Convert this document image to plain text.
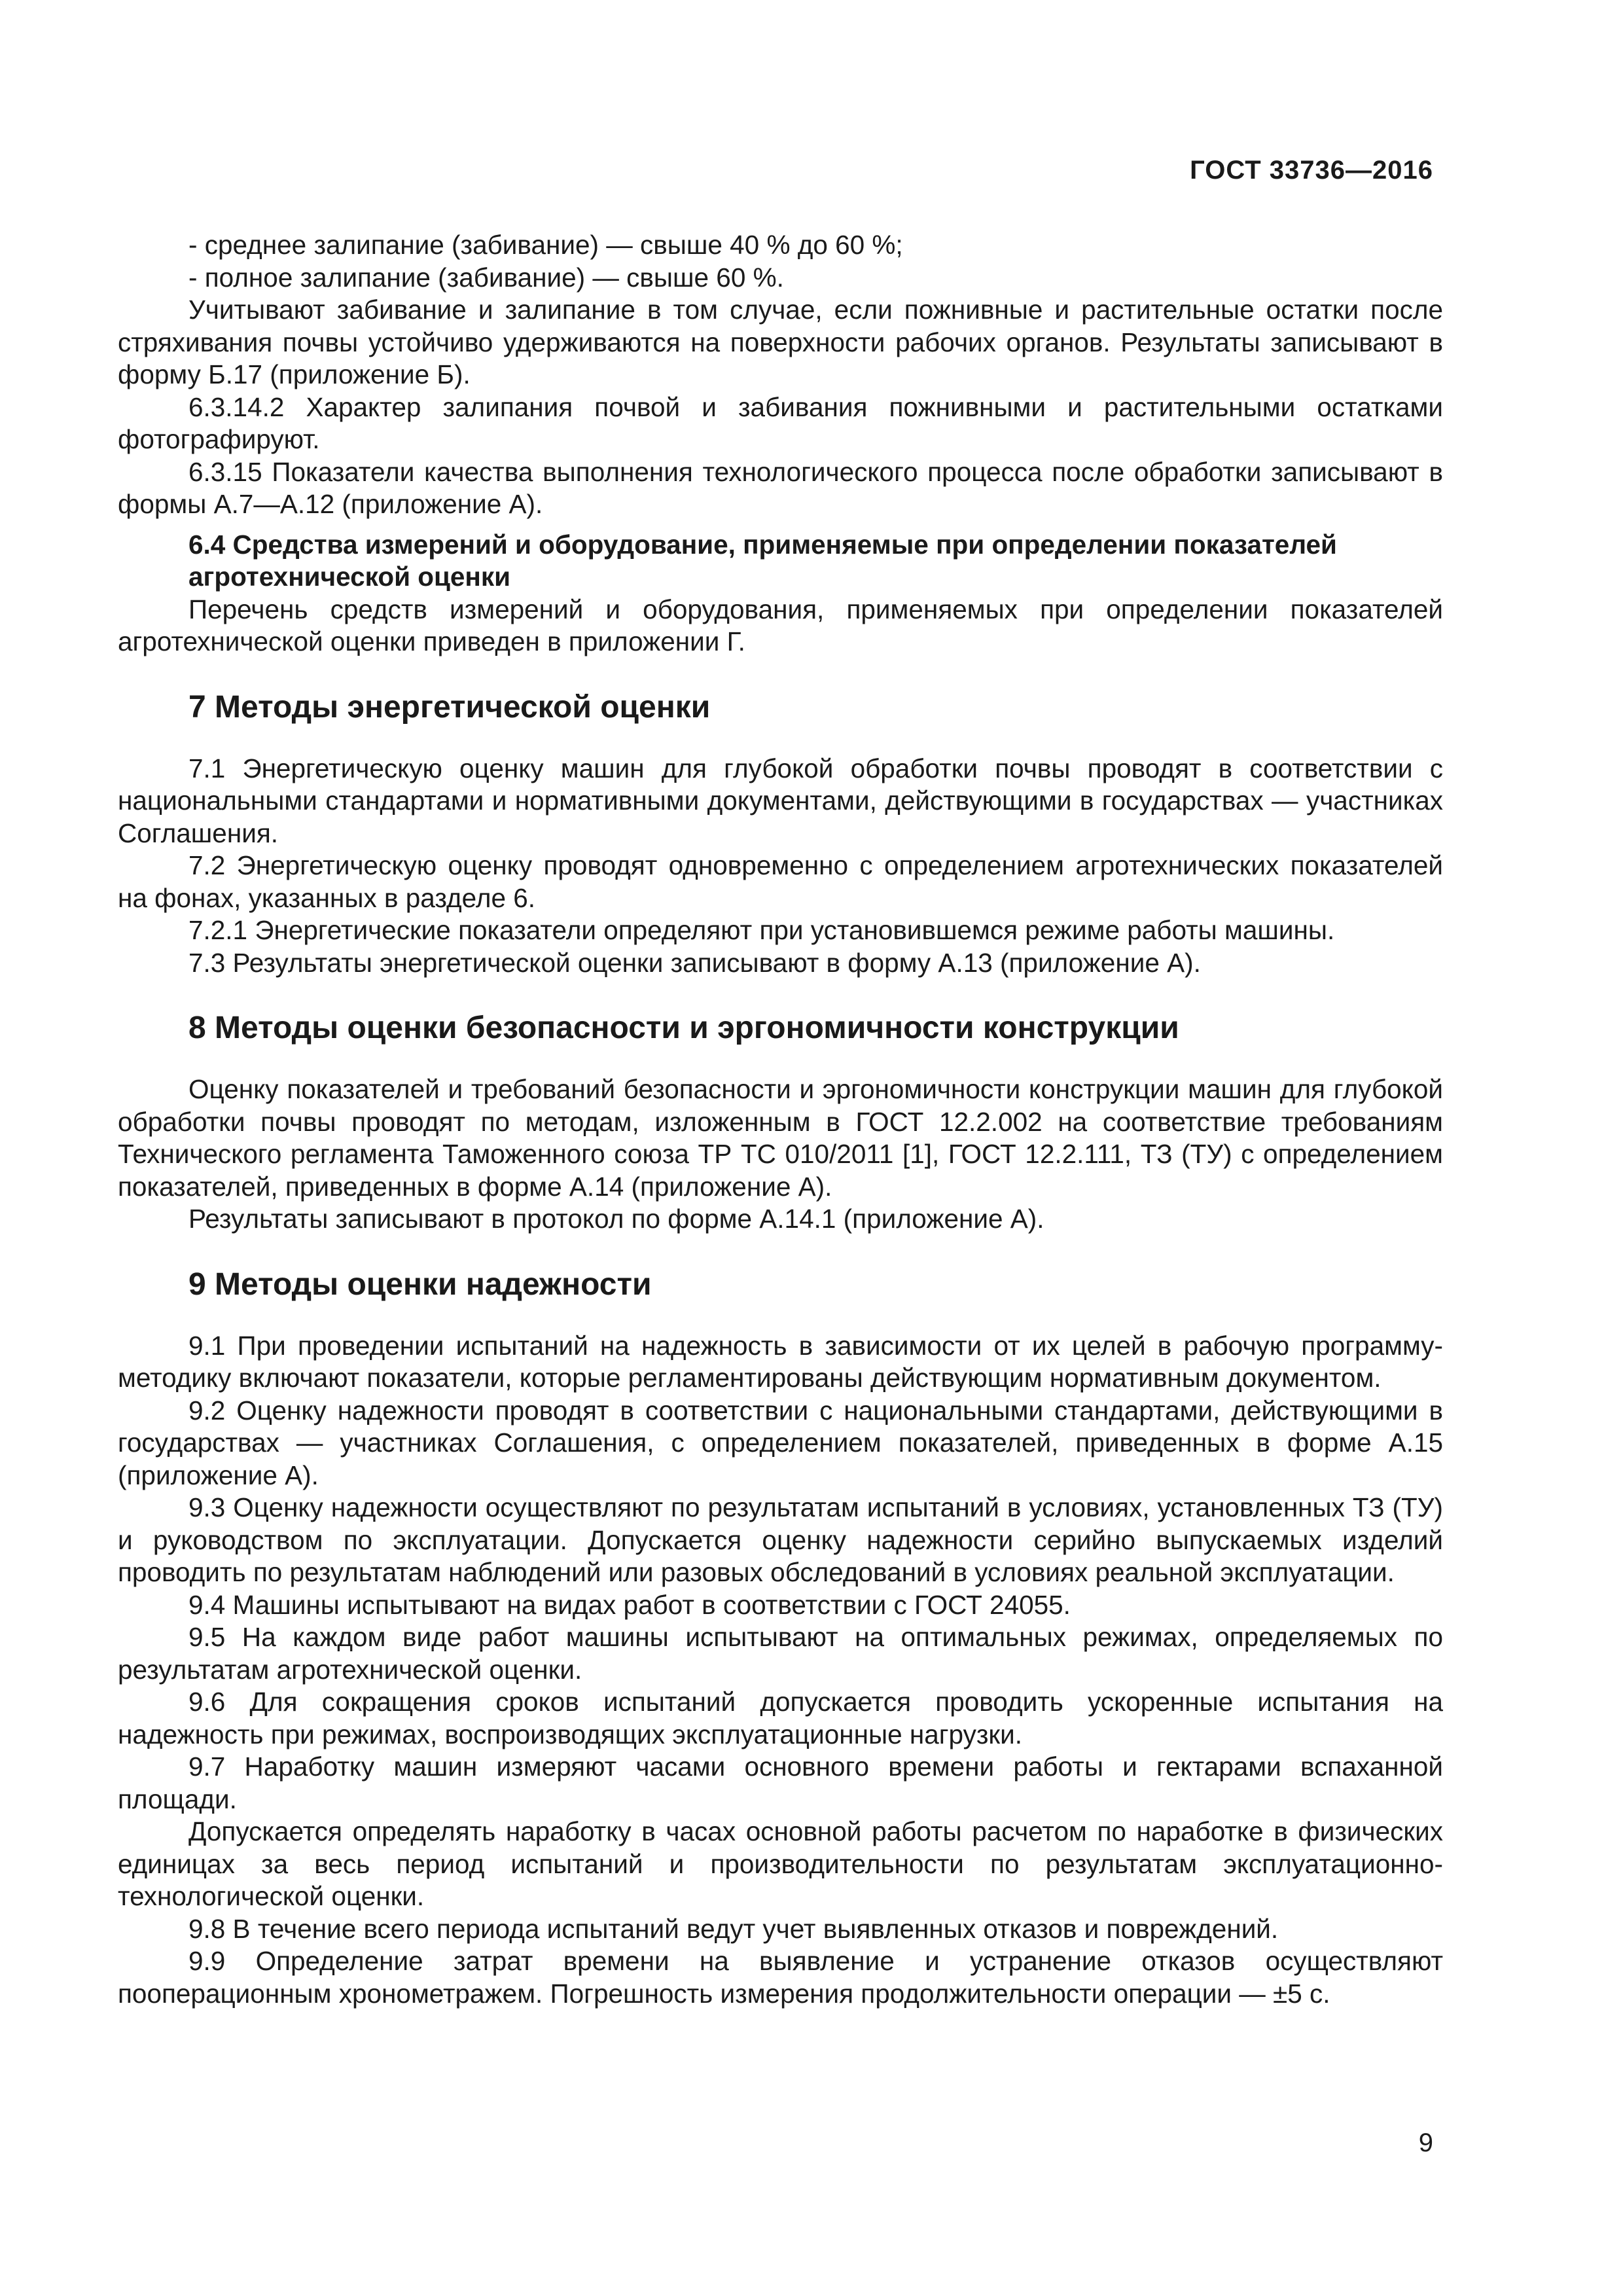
ГОСТ 33736—2016

- среднее залипание (забивание) — свыше 40 % до 60 %;

- полное залипание (забивание) — свыше 60 %.

Учитывают забивание и залипание в том случае, если пожнивные и растительные остатки после стряхивания почвы устойчиво удерживаются на поверхности рабочих органов. Результаты записывают в форму Б.17 (приложение Б).

6.3.14.2 Характер залипания почвой и забивания пожнивными и растительными остатками фотографируют.

6.3.15 Показатели качества выполнения технологического процесса после обработки записывают в формы А.7—А.12 (приложение А).

6.4 Средства измерений и оборудование, применяемые при определении показателей агротехнической оценки

Перечень средств измерений и оборудования, применяемых при определении показателей агротехнической оценки приведен в приложении Г.

7 Методы энергетической оценки

7.1 Энергетическую оценку машин для глубокой обработки почвы проводят в соответствии с национальными стандартами и нормативными документами, действующими в государствах — участниках Соглашения.

7.2 Энергетическую оценку проводят одновременно с определением агротехнических показателей на фонах, указанных в разделе 6.

7.2.1 Энергетические показатели определяют при установившемся режиме работы машины.

7.3 Результаты энергетической оценки записывают в форму А.13 (приложение А).

8 Методы оценки безопасности и эргономичности конструкции

Оценку показателей и требований безопасности и эргономичности конструкции машин для глубокой обработки почвы проводят по методам, изложенным в ГОСТ 12.2.002 на соответствие требованиям Технического регламента Таможенного союза ТР ТС 010/2011 [1], ГОСТ 12.2.111, ТЗ (ТУ) с определением показателей, приведенных в форме А.14 (приложение А).

Результаты записывают в протокол по форме А.14.1 (приложение А).

9 Методы оценки надежности

9.1 При проведении испытаний на надежность в зависимости от их целей в рабочую программу-методику включают показатели, которые регламентированы действующим нормативным документом.

9.2 Оценку надежности проводят в соответствии с национальными стандартами, действующими в государствах — участниках Соглашения, с определением показателей, приведенных в форме А.15 (приложение А).

9.3 Оценку надежности осуществляют по результатам испытаний в условиях, установленных ТЗ (ТУ) и руководством по эксплуатации. Допускается оценку надежности серийно выпускаемых изделий проводить по результатам наблюдений или разовых обследований в условиях реальной эксплуатации.

9.4 Машины испытывают на видах работ в соответствии с ГОСТ 24055.

9.5 На каждом виде работ машины испытывают на оптимальных режимах, определяемых по результатам агротехнической оценки.

9.6 Для сокращения сроков испытаний допускается проводить ускоренные испытания на надежность при режимах, воспроизводящих эксплуатационные нагрузки.

9.7 Наработку машин измеряют часами основного времени работы и гектарами вспаханной площади.

Допускается определять наработку в часах основной работы расчетом по наработке в физических единицах за весь период испытаний и производительности по результатам эксплуатационно-технологической оценки.

9.8 В течение всего периода испытаний ведут учет выявленных отказов и повреждений.

9.9 Определение затрат времени на выявление и устранение отказов осуществляют пооперационным хронометражем. Погрешность измерения продолжительности операции — ±5 с.

9
